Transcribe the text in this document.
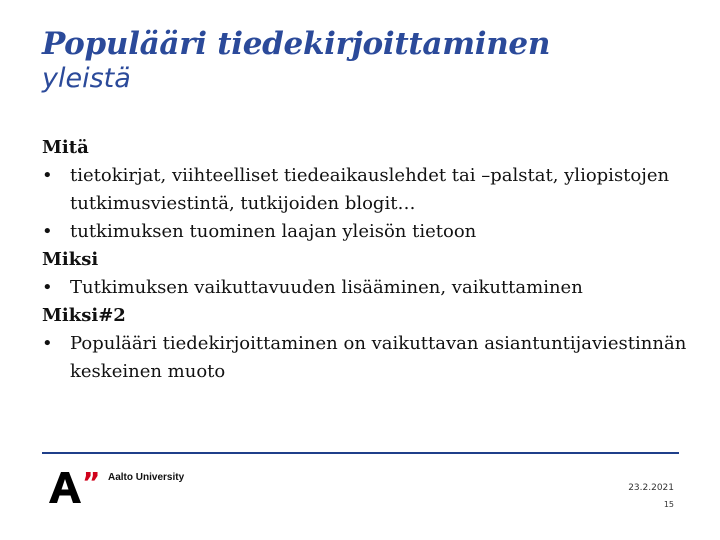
Populääri tiedekirjoittaminen
yleistä
Mitä
• tietokirjat, viihteelliset tiedeaikauslehdet tai –palstat, yliopistojen tutkimusviestintä, tutkijoiden blogit…
• tutkimuksen tuominen laajan yleisön tietoon
Miksi
• Tutkimuksen vaikuttavuuden lisääminen, vaikuttaminen
Miksi#2
• Populääri tiedekirjoittaminen on vaikuttavan asiantuntijaviestinnän keskeinen muoto
” Aalto University
23.2.2021
15
